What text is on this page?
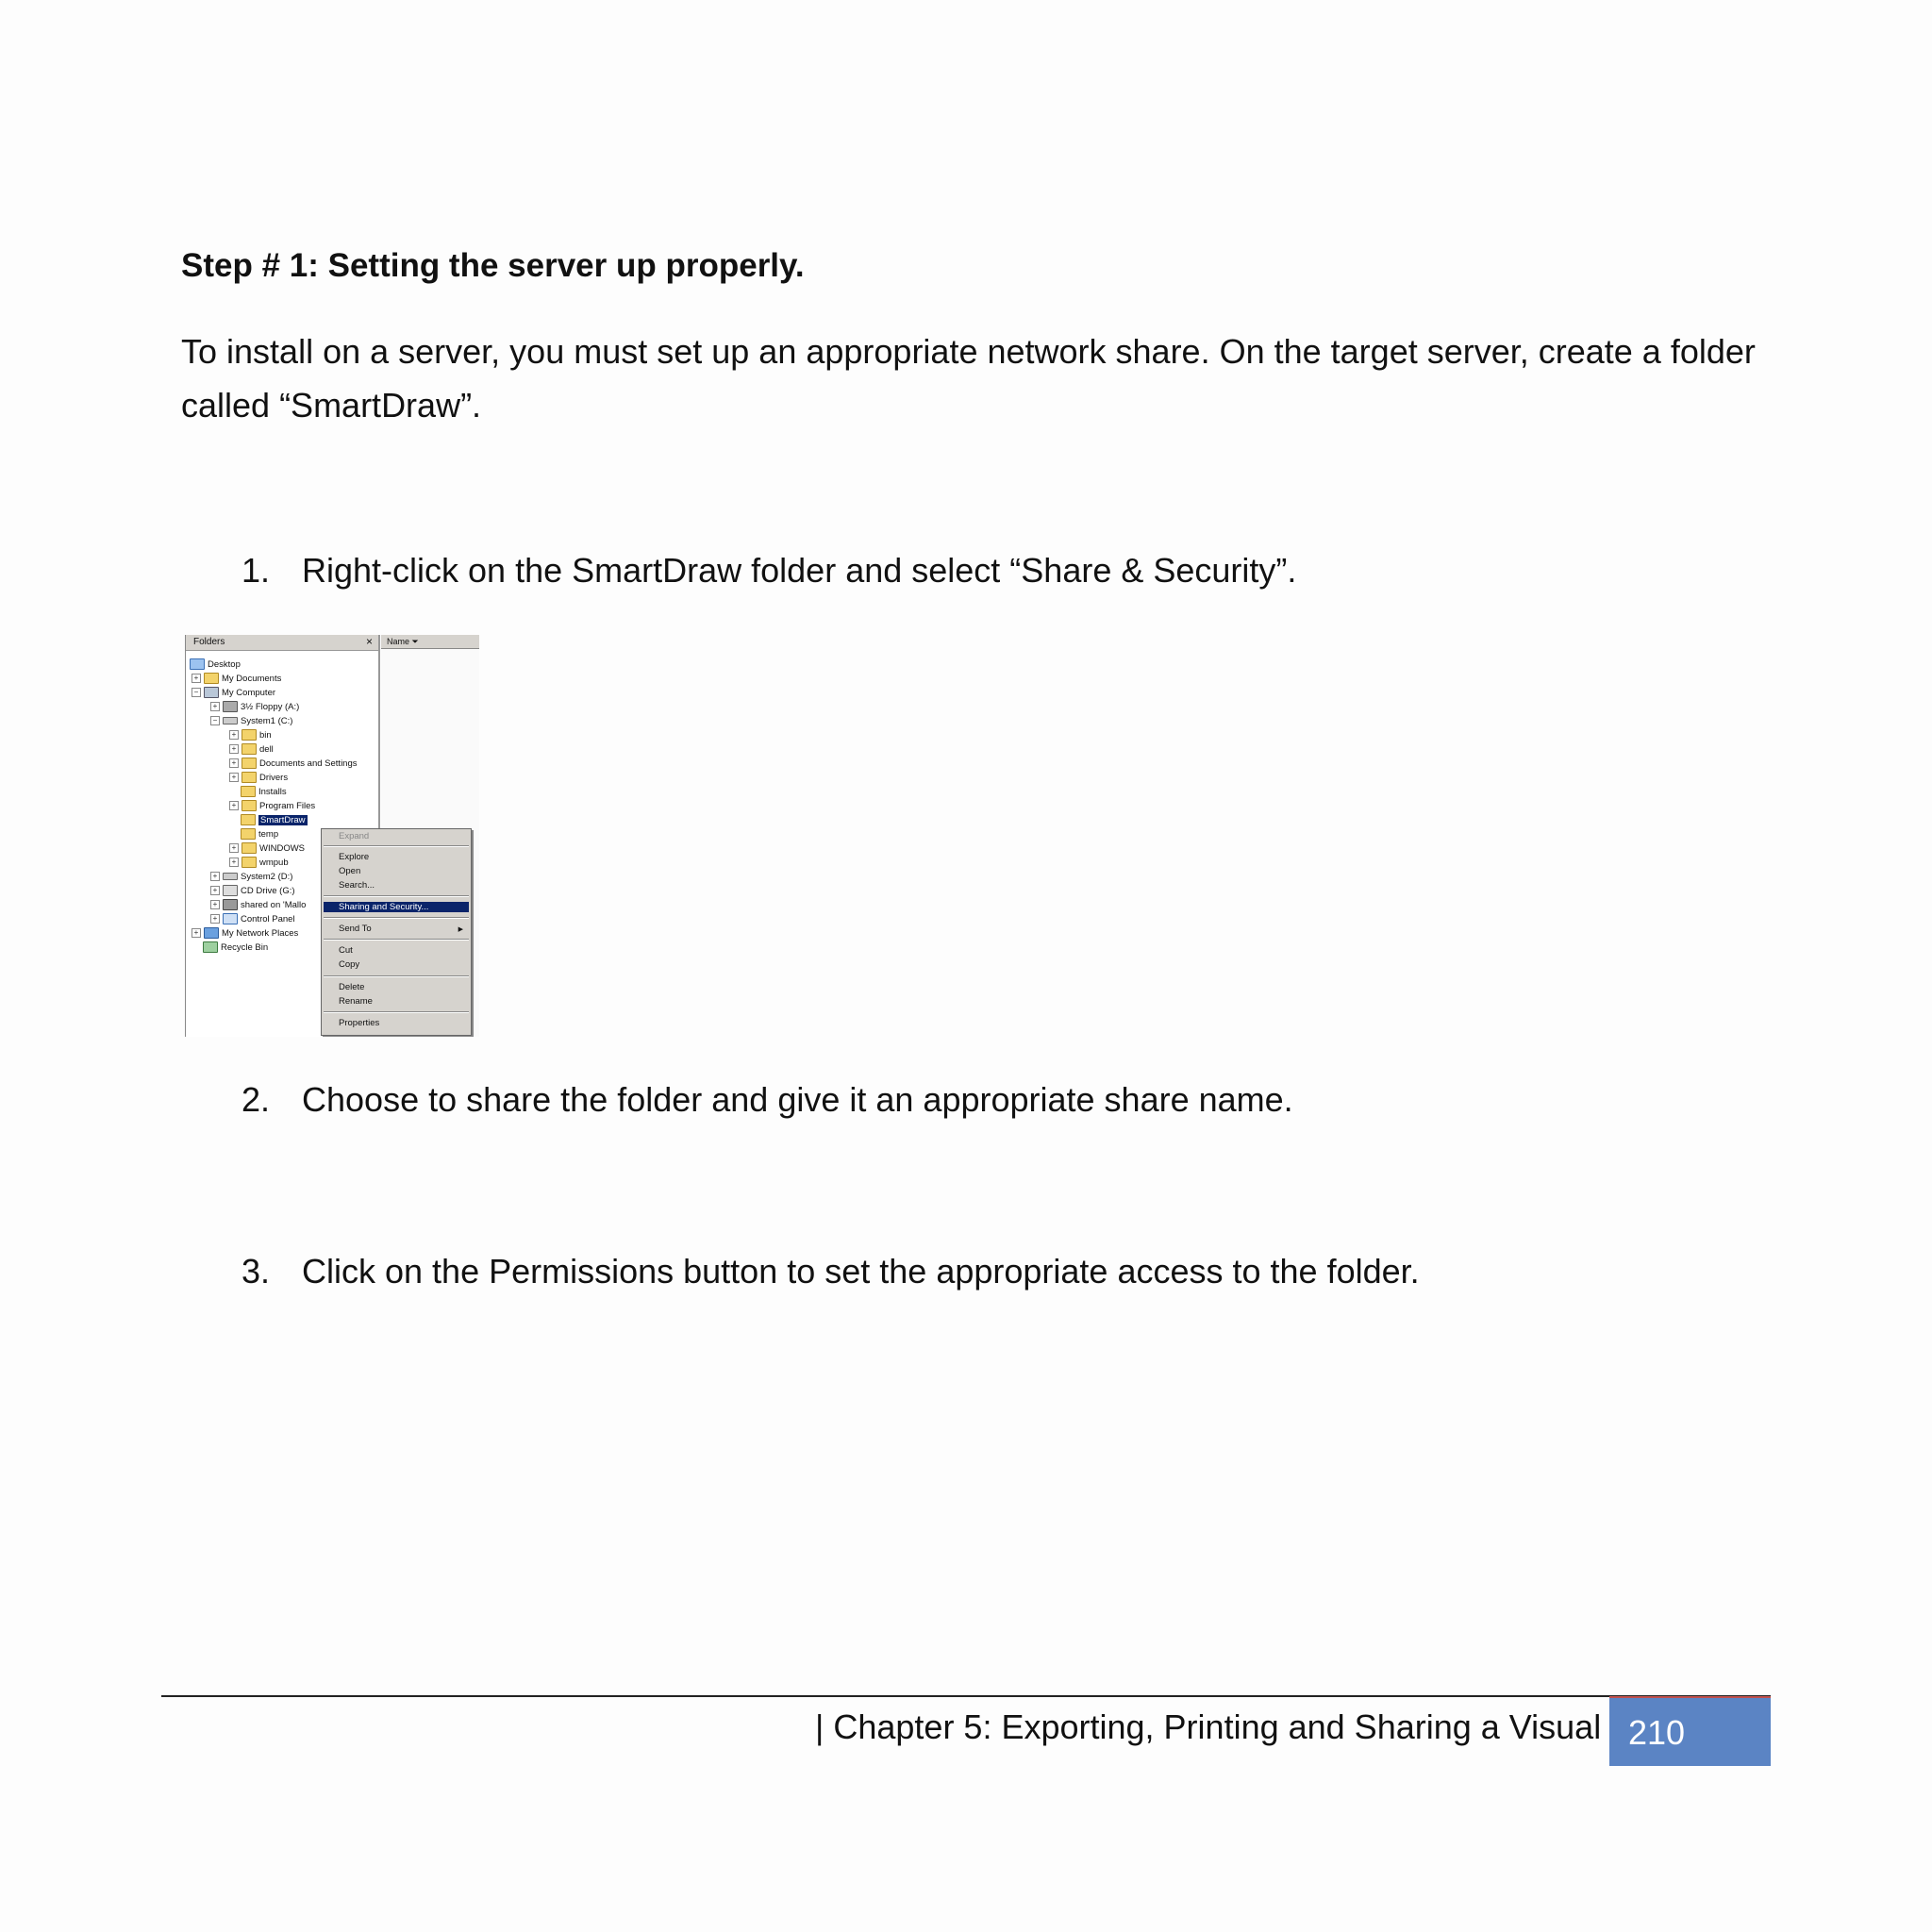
Step # 1: Setting the server up properly.

To install on a server, you must set up an appropriate network share. On the target server, create a folder called “SmartDraw”.

1. Right-click on the SmartDraw folder and select “Share & Security”.
Folders	×
Desktop
+	My Documents
−	My Computer
+	3½ Floppy (A:)
−	System1 (C:)
+	bin
+	dell
+	Documents and Settings
+	Drivers
Installs
+	Program Files
SmartDraw
temp
+	WINDOWS
+	wmpub
+	System2 (D:)
+	CD Drive (G:)
+	shared on 'Mallo
+	Control Panel
+	My Network Places
Recycle Bin
Name ⏷
Expand
Explore
Open
Search...
Sharing and Security...
Send To	▶
Cut
Copy
Delete
Rename
Properties
2. Choose to share the folder and give it an appropriate share name.
3. Click on the Permissions button to set the appropriate access to the folder.
| Chapter 5: Exporting, Printing and Sharing a Visual 210
